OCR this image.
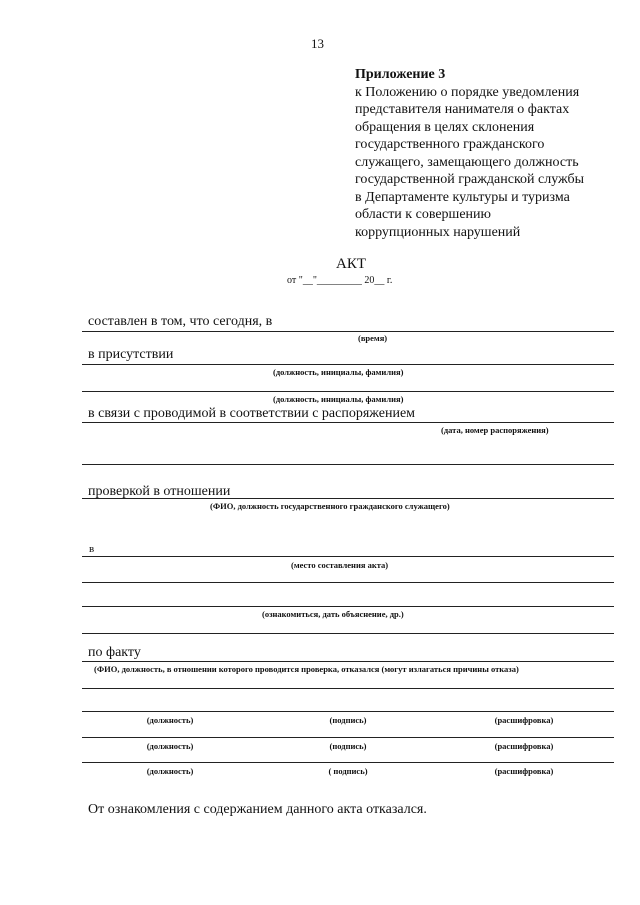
13
Приложение 3
к Положению о порядке уведомления
представителя нанимателя о фактах
обращения в целях склонения
государственного гражданского
служащего, замещающего должность
государственной гражданской службы
в Департаменте культуры и туризма
области к совершению
коррупционных нарушений
АКТ
от "__"_________ 20__ г.
составлен в том, что сегодня, в
(время)
в присутствии
(должность, инициалы, фамилия)
(должность, инициалы, фамилия)
в связи с проводимой в соответствии с распоряжением
(дата, номер распоряжения)
проверкой в отношении
(ФИО, должность государственного гражданского служащего)
в
(место составления акта)
(ознакомиться, дать объяснение, др.)
по факту
(ФИО, должность, в отношении которого проводится проверка, отказался (могут излагаться причины отказа)
(должность)	(подпись)	(расшифровка)
(должность)	(подпись)	(расшифровка)
(должность)	( подпись)	(расшифровка)
От ознакомления с содержанием данного акта отказался.
